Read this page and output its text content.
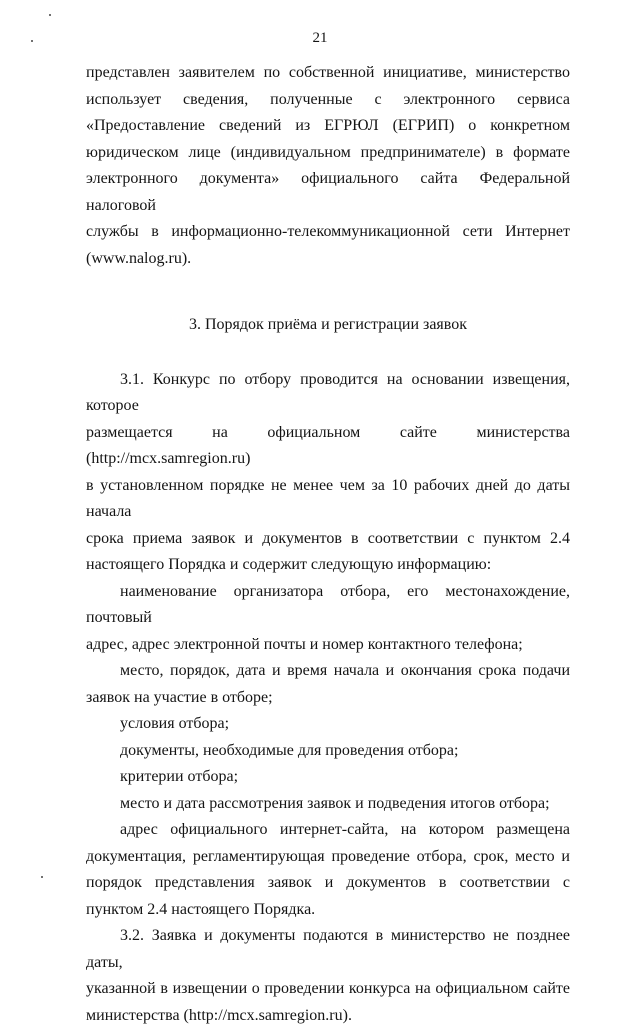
21

представлен заявителем по собственной инициативе, министерство

использует сведения, полученные с электронного сервиса

«Предоставление сведений из ЕГРЮЛ (ЕГРИП) о конкретном

юридическом лице (индивидуальном предпринимателе) в формате

электронного документа» официального сайта Федеральной налоговой

службы в информационно-телекоммуникационной сети Интернет

(www.nalog.ru).

3. Порядок приёма и регистрации заявок

3.1. Конкурс по отбору проводится на основании извещения, которое

размещается на официальном сайте министерства (http://mcx.samregion.ru)

в установленном порядке не менее чем за 10 рабочих дней до даты начала

срока приема заявок и документов в соответствии с пунктом 2.4

настоящего Порядка и содержит следующую информацию:

наименование организатора отбора, его местонахождение, почтовый

адрес, адрес электронной почты и номер контактного телефона;

место, порядок, дата и время начала и окончания срока подачи

заявок на участие в отборе;

условия отбора;

документы, необходимые для проведения отбора;

критерии отбора;

место и дата рассмотрения заявок и подведения итогов отбора;

адрес официального интернет-сайта, на котором размещена

документация, регламентирующая проведение отбора, срок, место и

порядок представления заявок и документов в соответствии с

пунктом 2.4 настоящего Порядка.

3.2. Заявка и документы подаются в министерство не позднее даты,

указанной в извещении о проведении конкурса на официальном сайте

министерства (http://mcx.samregion.ru).
